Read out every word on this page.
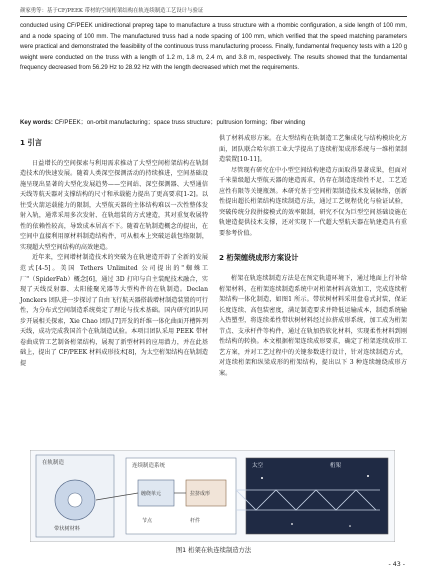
颜家勇等：基于CF/PEEK 带材的空间桁架结构在轨连续制造工艺设计与验证
conducted using CF/PEEK unidirectional prepreg tape to manufacture a truss structure with a rhombic configuration, a side length of 100 mm, and a node spacing of 100 mm. The manufactured truss had a node spacing of 100 mm, which verified that the speed matching parameters were practical and demonstrated the feasibility of the continuous truss manufacturing process. Finally, fundamental frequency tests with a 120 g weight were conducted on the truss with a length of 1.2 m, 1.8 m, 2.4 m, and 3.8 m, respectively. The results showed that the fundamental frequency decreased from 56.29 Hz to 28.92 Hz with the length decreased which met the requirements.
Key words: CF/PEEK；on-orbit manufacturing；space truss structure；pultrusion forming；fiber winding
1 引言

日益增长的空间探索与利用需求推动了大型空间桁架结构在轨制造技术的快速发展。随着人类深空探测活动的持续推进，空间基础设施呈现出显著的大型化发展趋势——空间站、深空探测器、大型通信天线等航天器对支撑结构的尺寸和承载能力提出了更高要求[1-2]。以往受火箭运载能力的限制，大型航天器的主体结构难以一次性整体发射入轨，通常采用多次发射、在轨组装的方式建造，其对重复收展特性的依赖性较高，导致成本居高不下。随着在轨制造概念的提出，在空间中直接利用原材料制造结构件，可从根本上突破运载包络限制，实现超大型空间结构的高效建造。

近年来，空间增材制造技术的突破为在轨建造开辟了全新的发展范式[4-5]。美国 Tethers Unlimited 公司提出的"蜘蛛工厂"（SpiderFab）概念[6]，通过 3D 打印与自主装配技术融合，实现了天线反射器、太阳能聚光器等大型构件的在轨制造。Declan Jonckers 团队进一步探讨了自由飞行航天器搭载增材制造装置的可行性，为分布式空间制造系统奠定了理论与技术基础。国内研究团队同步开展相关探索，Xie Chao 团队[7]开发的纤维一体化曲面开槽阵列天线，成功完成我国首个在轨制造试验。本项目团队采用 PEEK 带材卷曲成管工艺制备桁架结构，展现了新型材料的应用潜力，并在此基础上，提出了 CF/PEEK 材料成形技术[8]，为太空桁架结构在轨制造提

供了材料成形方案。在大型结构在轨制造工艺集成化与结构模块化方面，团队联合哈尔滨工业大学提出了连续桁架成形系统与一维桁架制造装置[10-11]。

尽管现有研究在中小型空间结构建造方面取得显著成果，但面对千米量级超大型航天器的建造需求，仍存在制造连续性不足、工艺适应性有限等关键瓶颈。本研究基于空间桁架制造技术发展脉络，创新性提出超长桁架结构连续制造方法，通过工艺规程优化与验证试验，突破传统分段拼接模式的效率限制，研究不仅为巨型空间基础设施在轨建造提供技术支撑，还对实现下一代超大型航天器在轨建造具有重要参考价值。

2 桁架缠绕成形方案设计

桁架在轨连续制造方法是在预定轨道环境下，通过地面上行补给桁架材料，在桁架连续制造系统中对桁架材料高效加工，完成连续桁架结构一体化制造，如图1 所示。带状树材料采用盘卷式封装，保证长度连续、高包装密度，满足制造要求并降低运输成本，制造系统输入热塑型，将连续柔性带状树材料经过拉挤成形系统，加工成为桁架节点、支承杆件等构件，通过在轨加热软化材料，实现柔性材料到刚性结构的转换。本文根据桁架连续成形要求，确定了桁架连续成形工艺方案，并对工艺过程中的关键参数进行设计，针对连续制造方式，对连续桁架和纵梁成形的桁架结构，提出以下 3 种连续缠绕成形方案。

在轨制造
带状树材料
连续制造系统
缠绕单元	拉挤成形
节点	杆件
太空	桁架
图1 桁架在轨连续制造方法
- 43 -
